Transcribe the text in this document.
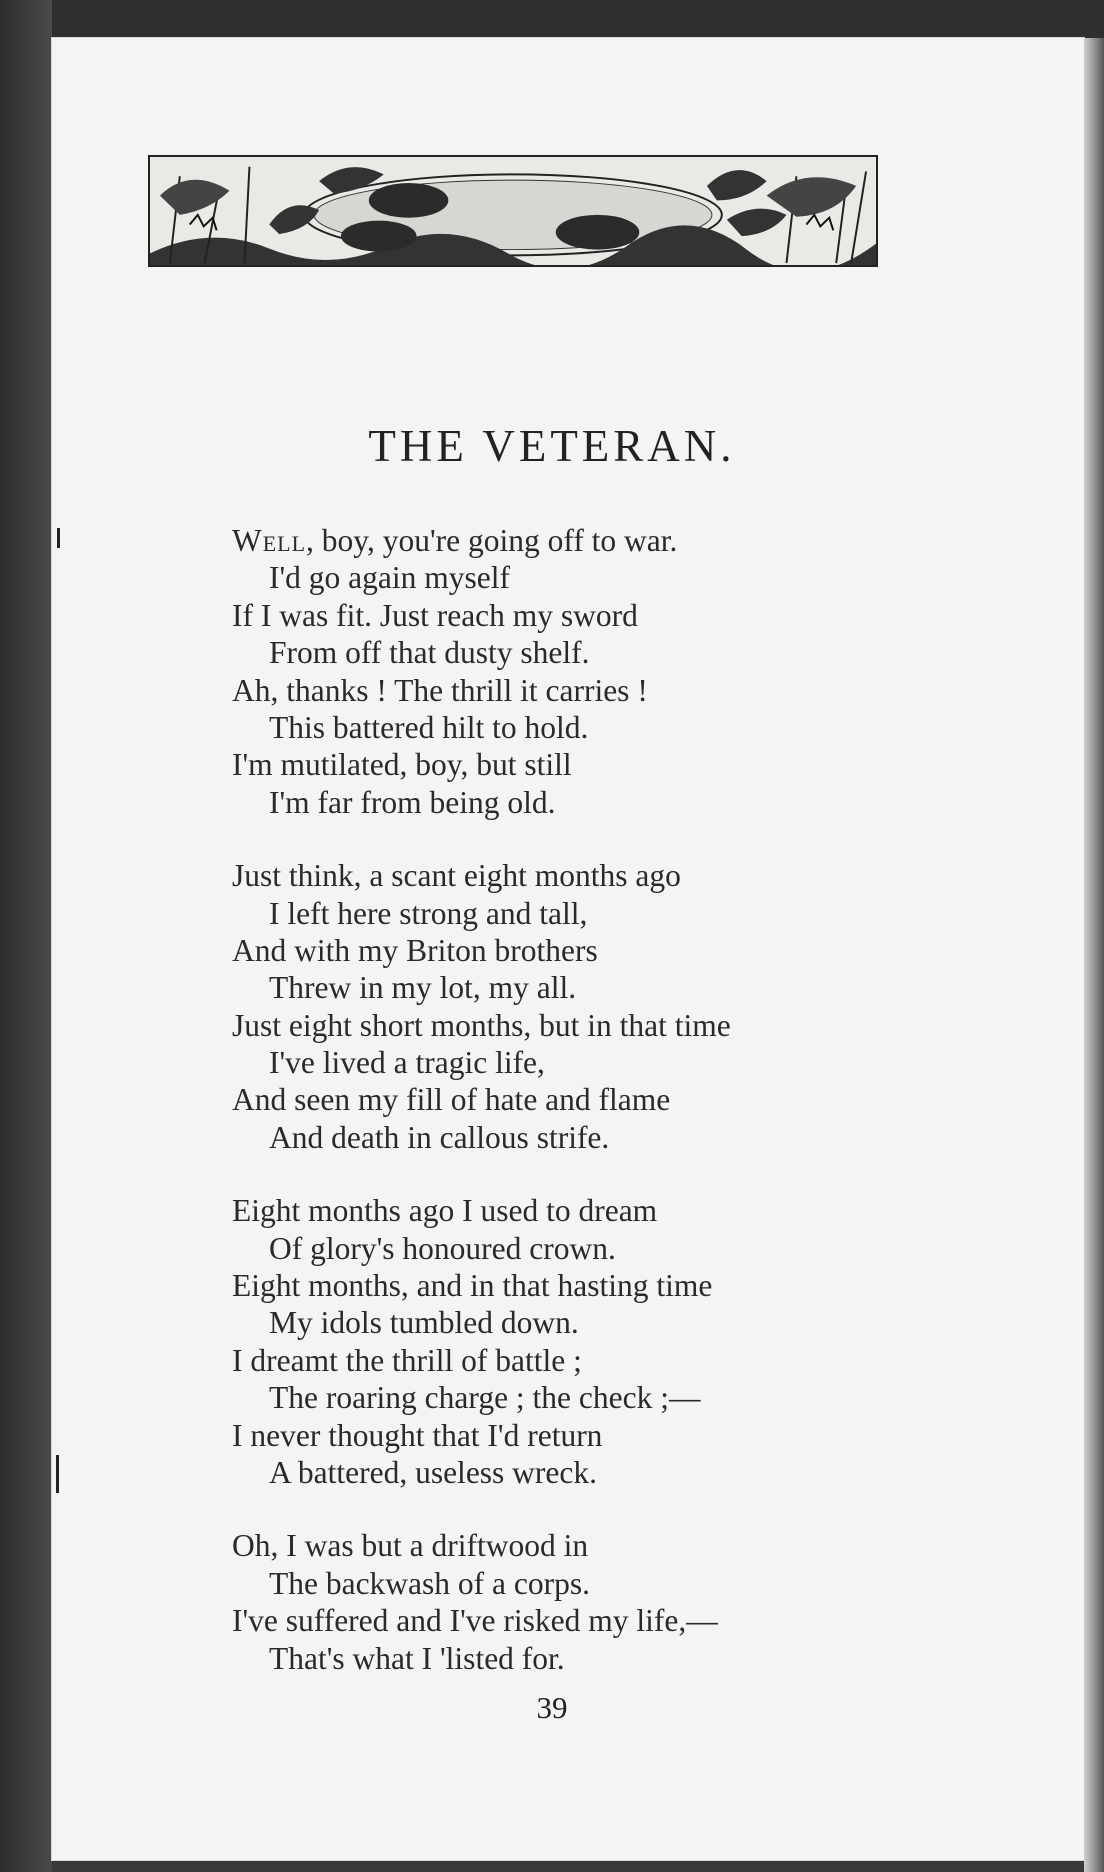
THE VETERAN.
Well, boy, you're going off to war.
I'd go again myself
If I was fit. Just reach my sword
From off that dusty shelf.
Ah, thanks ! The thrill it carries !
This battered hilt to hold.
I'm mutilated, boy, but still
I'm far from being old.
Just think, a scant eight months ago
I left here strong and tall,
And with my Briton brothers
Threw in my lot, my all.
Just eight short months, but in that time
I've lived a tragic life,
And seen my fill of hate and flame
And death in callous strife.
Eight months ago I used to dream
Of glory's honoured crown.
Eight months, and in that hasting time
My idols tumbled down.
I dreamt the thrill of battle ;
The roaring charge ; the check ;—
I never thought that I'd return
A battered, useless wreck.
Oh, I was but a driftwood in
The backwash of a corps.
I've suffered and I've risked my life,—
That's what I 'listed for.
39
